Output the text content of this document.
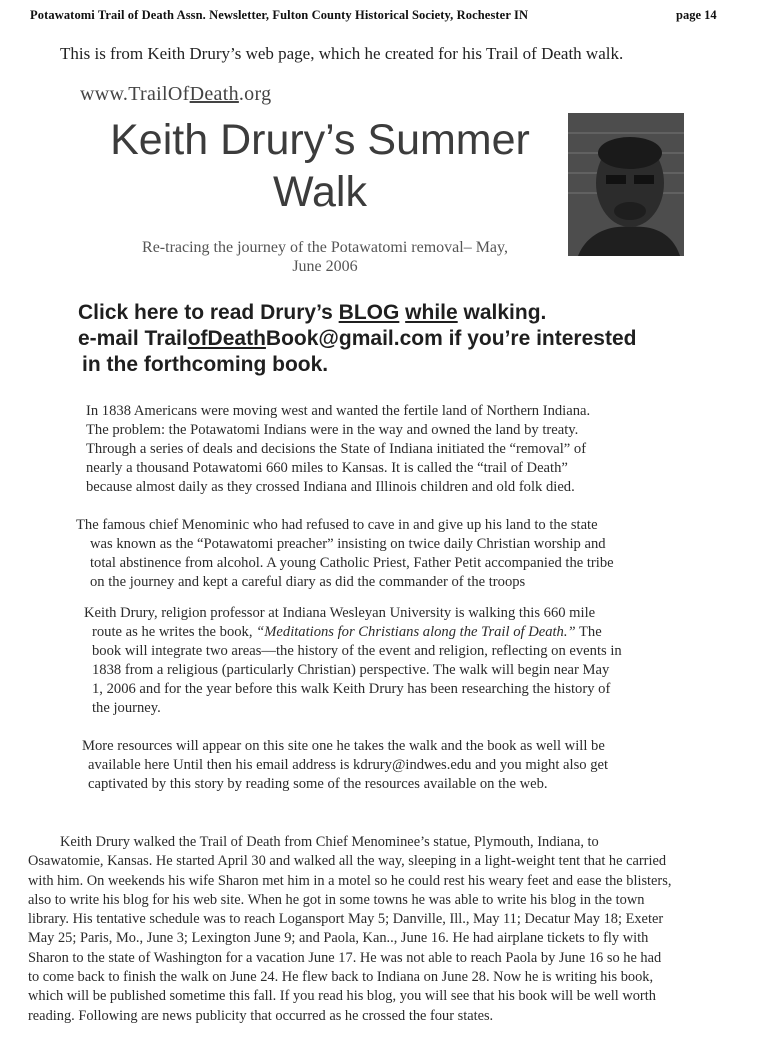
Potawatomi Trail of Death Assn. Newsletter, Fulton County Historical Society, Rochester IN	page 14
This is from Keith Drury’s web page, which he created for his Trail of Death walk.
www.TrailOfDeath.org
Keith Drury’s Summer
Walk
Re-tracing the journey of the Potawatomi removal– May,
June 2006
Click here to read Drury’s BLOG while walking.
e-mail TrailofDeathBook@gmail.com if you’re interested
in the forthcoming book.
In 1838 Americans were moving west and wanted the fertile land of Northern Indiana.
The problem: the Potawatomi Indians were in the way and owned the land by treaty.
Through a series of deals and decisions the State of Indiana initiated the “removal” of
nearly a thousand Potawatomi 660 miles to Kansas. It is called the “trail of Death”
because almost daily as they crossed Indiana and Illinois children and old folk died.
The famous chief Menominic who had refused to cave in and give up his land to the state
was known as the “Potawatomi preacher” insisting on twice daily Christian worship and
total abstinence from alcohol. A young Catholic Priest, Father Petit accompanied the tribe
on the journey and kept a careful diary as did the commander of the troops
Keith Drury, religion professor at Indiana Wesleyan University is walking this 660 mile
route as he writes the book, “Meditations for Christians along the Trail of Death.” The
book will integrate two areas—the history of the event and religion, reflecting on events in
1838 from a religious (particularly Christian) perspective. The walk will begin near May
1, 2006 and for the year before this walk Keith Drury has been researching the history of
the journey.
More resources will appear on this site one he takes the walk and the book as well will be
available here Until then his email address is kdrury@indwes.edu and you might also get
captivated by this story by reading some of the resources available on the web.
Keith Drury walked the Trail of Death from Chief Menominee’s statue, Plymouth, Indiana, to
Osawatomie, Kansas. He started April 30 and walked all the way, sleeping in a light-weight tent that he carried
with him. On weekends his wife Sharon met him in a motel so he could rest his weary feet and ease the blisters,
also to write his blog for his web site. When he got in some towns he was able to write his blog in the town
library. His tentative schedule was to reach Logansport May 5; Danville, Ill., May 11; Decatur May 18; Exeter
May 25; Paris, Mo., June 3; Lexington June 9; and Paola, Kan.., June 16. He had airplane tickets to fly with
Sharon to the state of Washington for a vacation June 17. He was not able to reach Paola by June 16 so he had
to come back to finish the walk on June 24. He flew back to Indiana on June 28. Now he is writing his book,
which will be published sometime this fall. If you read his blog, you will see that his book will be well worth
reading. Following are news publicity that occurred as he crossed the four states.
